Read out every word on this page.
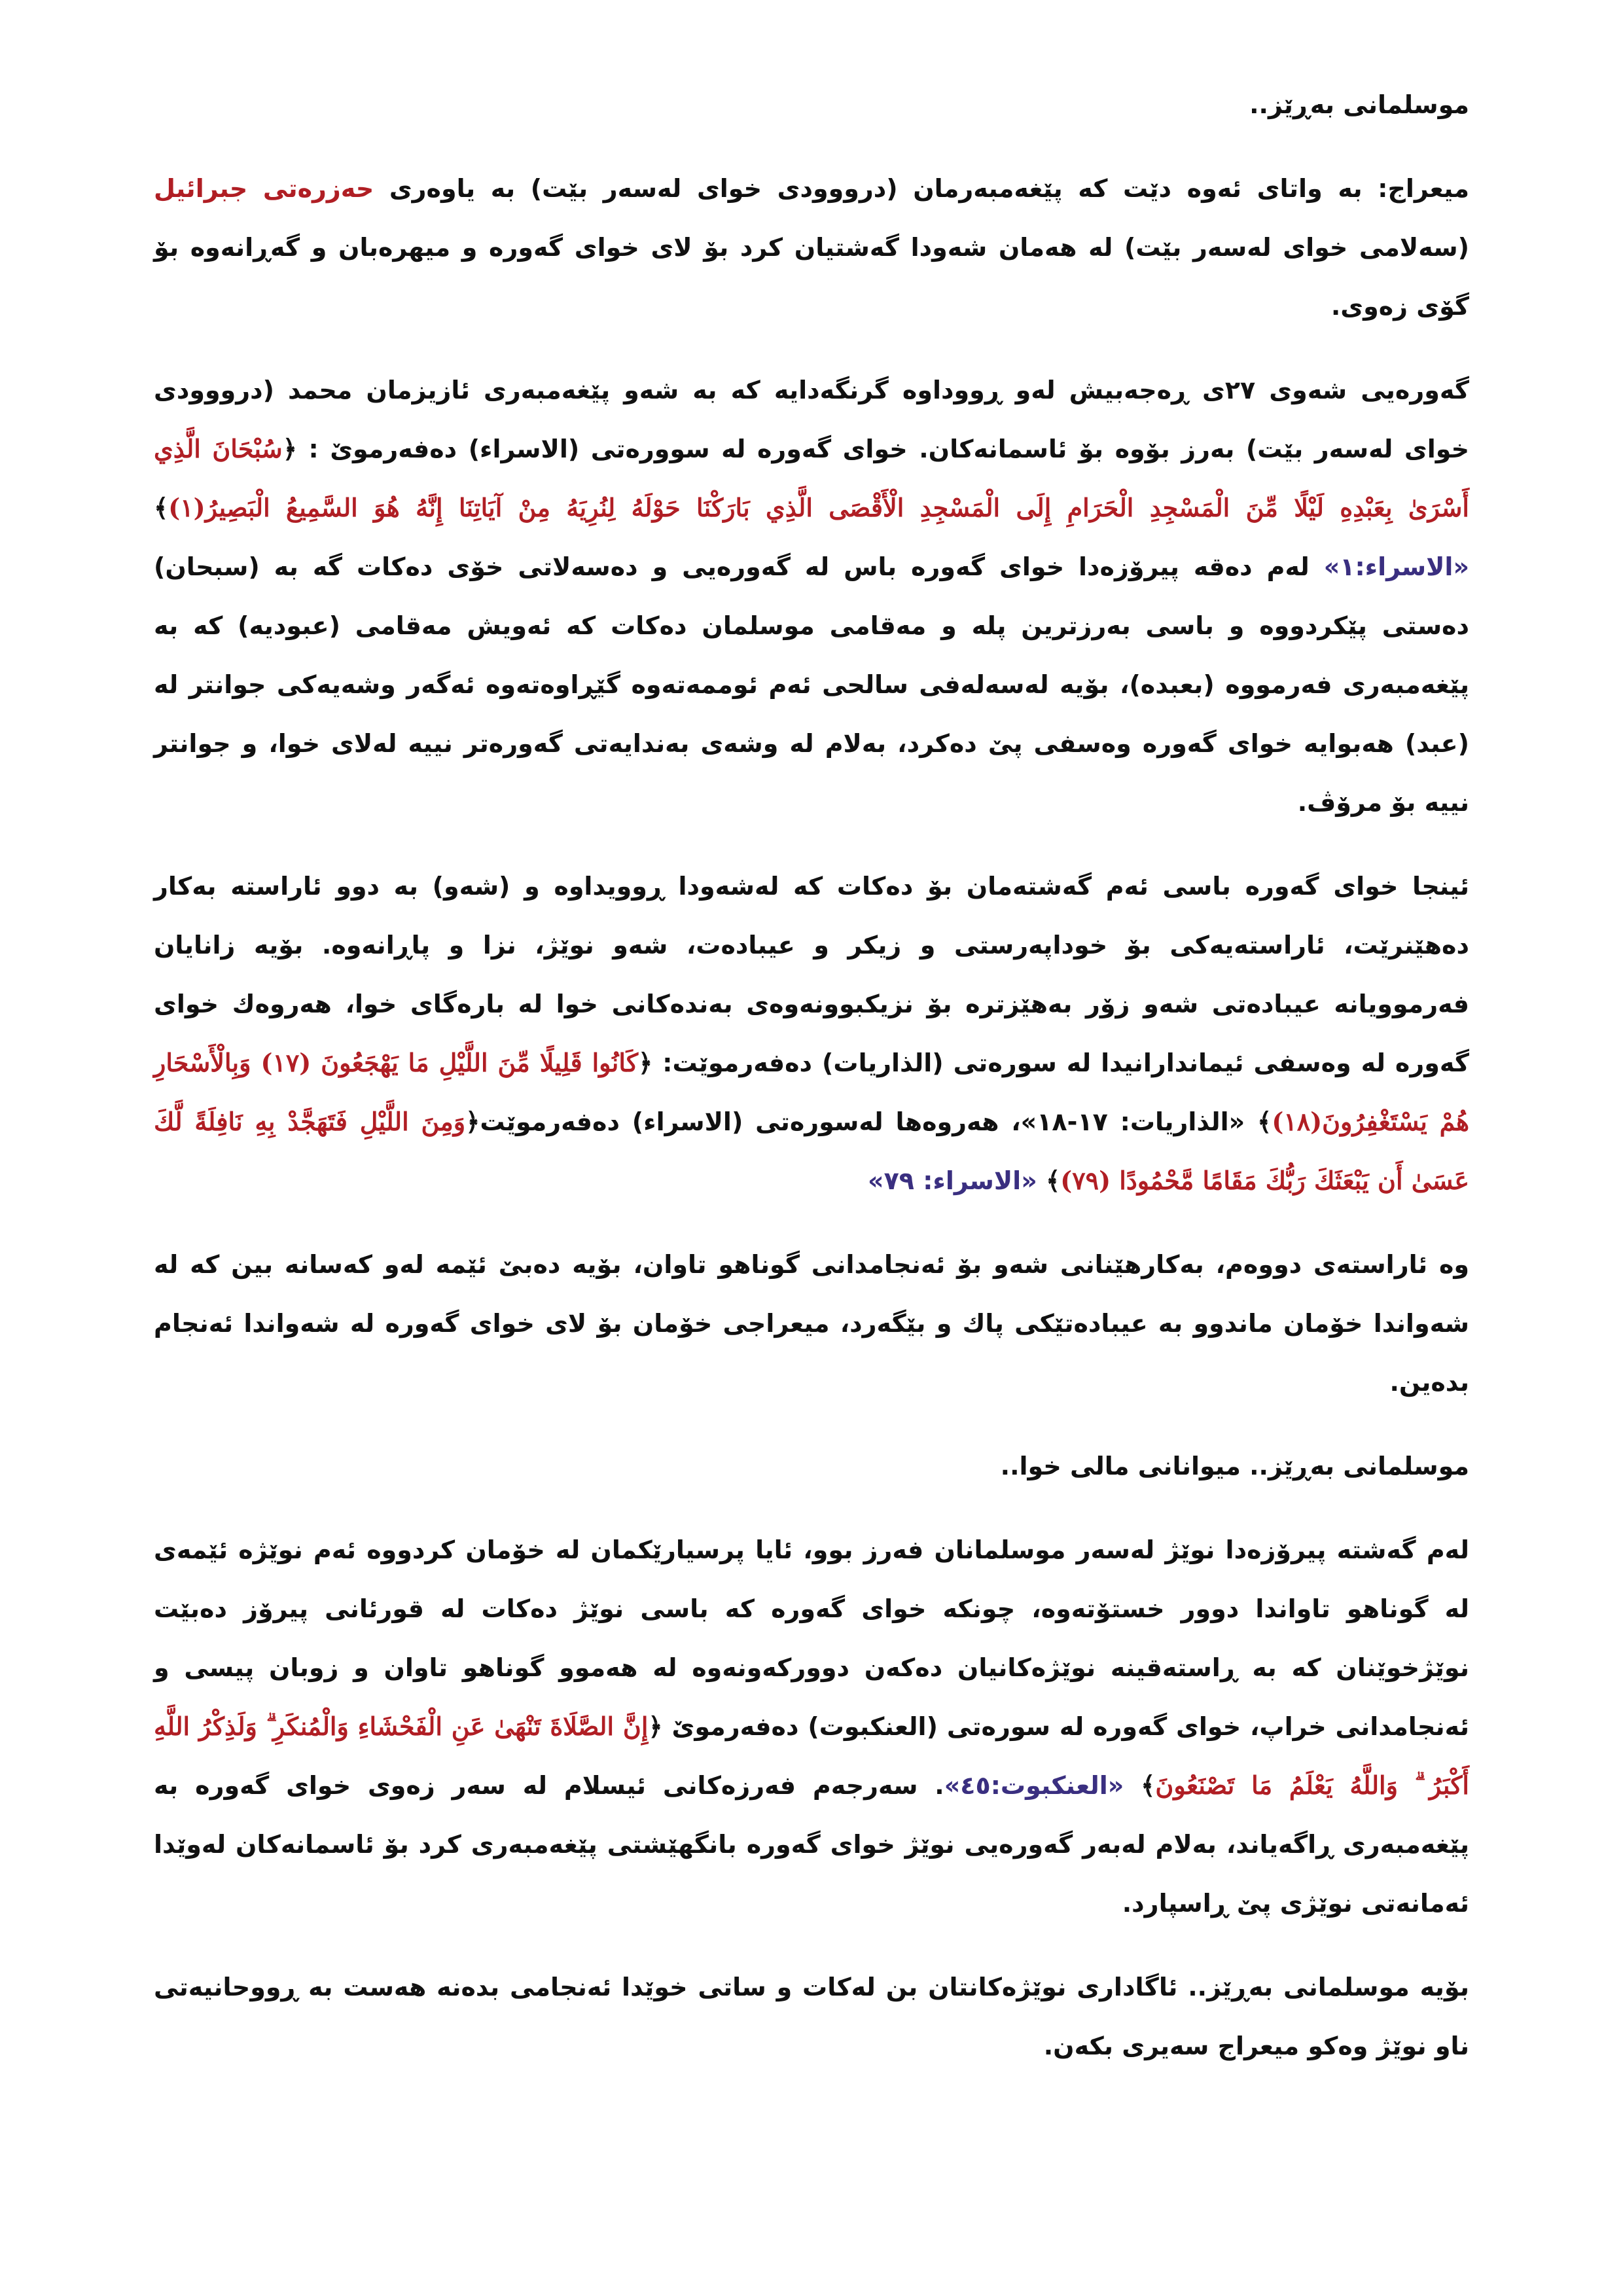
موسلمانی بەڕێز..

میعراج: بە واتای ئەوە دێت کە پێغەمبەرمان (درووودی خوای لەسەر بێت) بە یاوەری حەزرەتی جبرائیل (سەلامی خوای لەسەر بێت) لە هەمان شەودا گەشتیان کرد بۆ لای خوای گەورە و میهرەبان و گەڕانەوە بۆ گۆی زەوی.

گەورەیی شەوی ٢٧ی ڕەجەبیش لەو ڕووداوە گرنگەدایە کە بە شەو پێغەمبەری ئازیزمان محمد (درووودی خوای لەسەر بێت) بەرز بۆوە بۆ ئاسمانەکان. خوای گەورە لە سوورەتی (الاسراء) دەفەرموێ : ﴿سُبْحَانَ الَّذِي أَسْرَىٰ بِعَبْدِهِ لَيْلًا مِّنَ الْمَسْجِدِ الْحَرَامِ إِلَى الْمَسْجِدِ الْأَقْصَى الَّذِي بَارَكْنَا حَوْلَهُ لِنُرِيَهُ مِنْ آيَاتِنَا إِنَّهُ هُوَ السَّمِيعُ الْبَصِيرُ(١)﴾ «الاسراء:١» لەم دەقە پیرۆزەدا خوای گەورە باس لە گەورەیی و دەسەلاتی خۆی دەکات گە بە (سبحان) دەستی پێکردووە و باسی بەرزترین پلە و مەقامی موسلمان دەکات کە ئەویش مەقامی (عبودیە) کە بە پێغەمبەری فەرمووە (بعبدە)، بۆیە لەسەلەفی سالحی ئەم ئوممەتەوە گێڕاوەتەوە ئەگەر وشەیەکی جوانتر لە (عبد) هەبوایە خوای گەورە وەسفی پێ دەکرد، بەلام لە وشەی بەندایەتی گەورەتر نییە لەلای خوا، و جوانتر نییە بۆ مرۆڤ.

ئینجا خوای گەورە باسی ئەم گەشتەمان بۆ دەکات کە لەشەودا ڕوویداوە و (شەو) بە دوو ئاراستە بەکار دەهێنرێت، ئاراستەیەکی بۆ خوداپەرستی و زیکر و عیبادەت، شەو نوێژ، نزا و پاڕانەوە. بۆیە زانایان فەرموویانە عیبادەتی شەو زۆر بەهێزترە بۆ نزیکبوونەوەی بەندەکانی خوا لە بارەگای خوا، هەروەك خوای گەورە لە وەسفی ئیماندارانیدا لە سورەتی (الذاریات) دەفەرموێت: ﴿كَانُوا قَلِيلًا مِّنَ اللَّيْلِ مَا يَهْجَعُونَ (١٧) وَبِالْأَسْحَارِ هُمْ يَسْتَغْفِرُونَ(١٨)﴾ «الذاریات: ١٧-١٨»، هەروەها لەسورەتی (الاسراء) دەفەرموێت﴿وَمِنَ اللَّيْلِ فَتَهَجَّدْ بِهِ نَافِلَةً لَّكَ عَسَىٰ أَن يَبْعَثَكَ رَبُّكَ مَقَامًا مَّحْمُودًا (٧٩)﴾ «الاسراء: ٧٩»

وە ئاراستەی دووەم، بەکارهێنانی شەو بۆ ئەنجامدانی گوناهو تاوان، بۆیە دەبێ ئێمە لەو کەسانە بین کە لە شەواندا خۆمان ماندوو بە عیبادەتێکی پاك و بێگەرد، میعراجی خۆمان بۆ لای خوای گەورە لە شەواندا ئەنجام بدەین.

موسلمانی بەڕێز.. میوانانی مالی خوا..

لەم گەشتە پیرۆزەدا نوێژ لەسەر موسلمانان فەرز بوو، ئایا پرسیارێکمان لە خۆمان کردووە ئەم نوێژە ئێمەی لە گوناهو تاواندا دوور خستۆتەوە، چونکە خوای گەورە کە باسی نوێژ دەکات لە قورئانی پیرۆز دەبێت نوێژخوێنان کە بە ڕاستەقینە نوێژەکانیان دەکەن دوورکەونەوە لە هەموو گوناهو تاوان و زوبان پیسی و ئەنجامدانی خراپ، خوای گەورە لە سورەتی (العنکبوت) دەفەرموێ ﴿إِنَّ الصَّلَاةَ تَنْهَىٰ عَنِ الْفَحْشَاءِ وَالْمُنكَرِ ۗ وَلَذِكْرُ اللَّهِ أَكْبَرُ ۗ وَاللَّهُ يَعْلَمُ مَا تَصْنَعُونَ﴾ «العنكبوت:٤٥». سەرجەم فەرزەکانی ئیسلام لە سەر زەوی خوای گەورە بە پێغەمبەری ڕاگەیاند، بەلام لەبەر گەورەیی نوێژ خوای گەورە بانگهێشتی پێغەمبەری کرد بۆ ئاسمانەکان لەوێدا ئەمانەتی نوێژی پێ ڕاسپارد.

بۆیە موسلمانی بەڕێز.. ئاگاداری نوێژەکانتان بن لەکات و ساتی خوێدا ئەنجامی بدەنە هەست بە ڕووحانیەتی ناو نوێژ وەکو میعراج سەیری بکەن.
